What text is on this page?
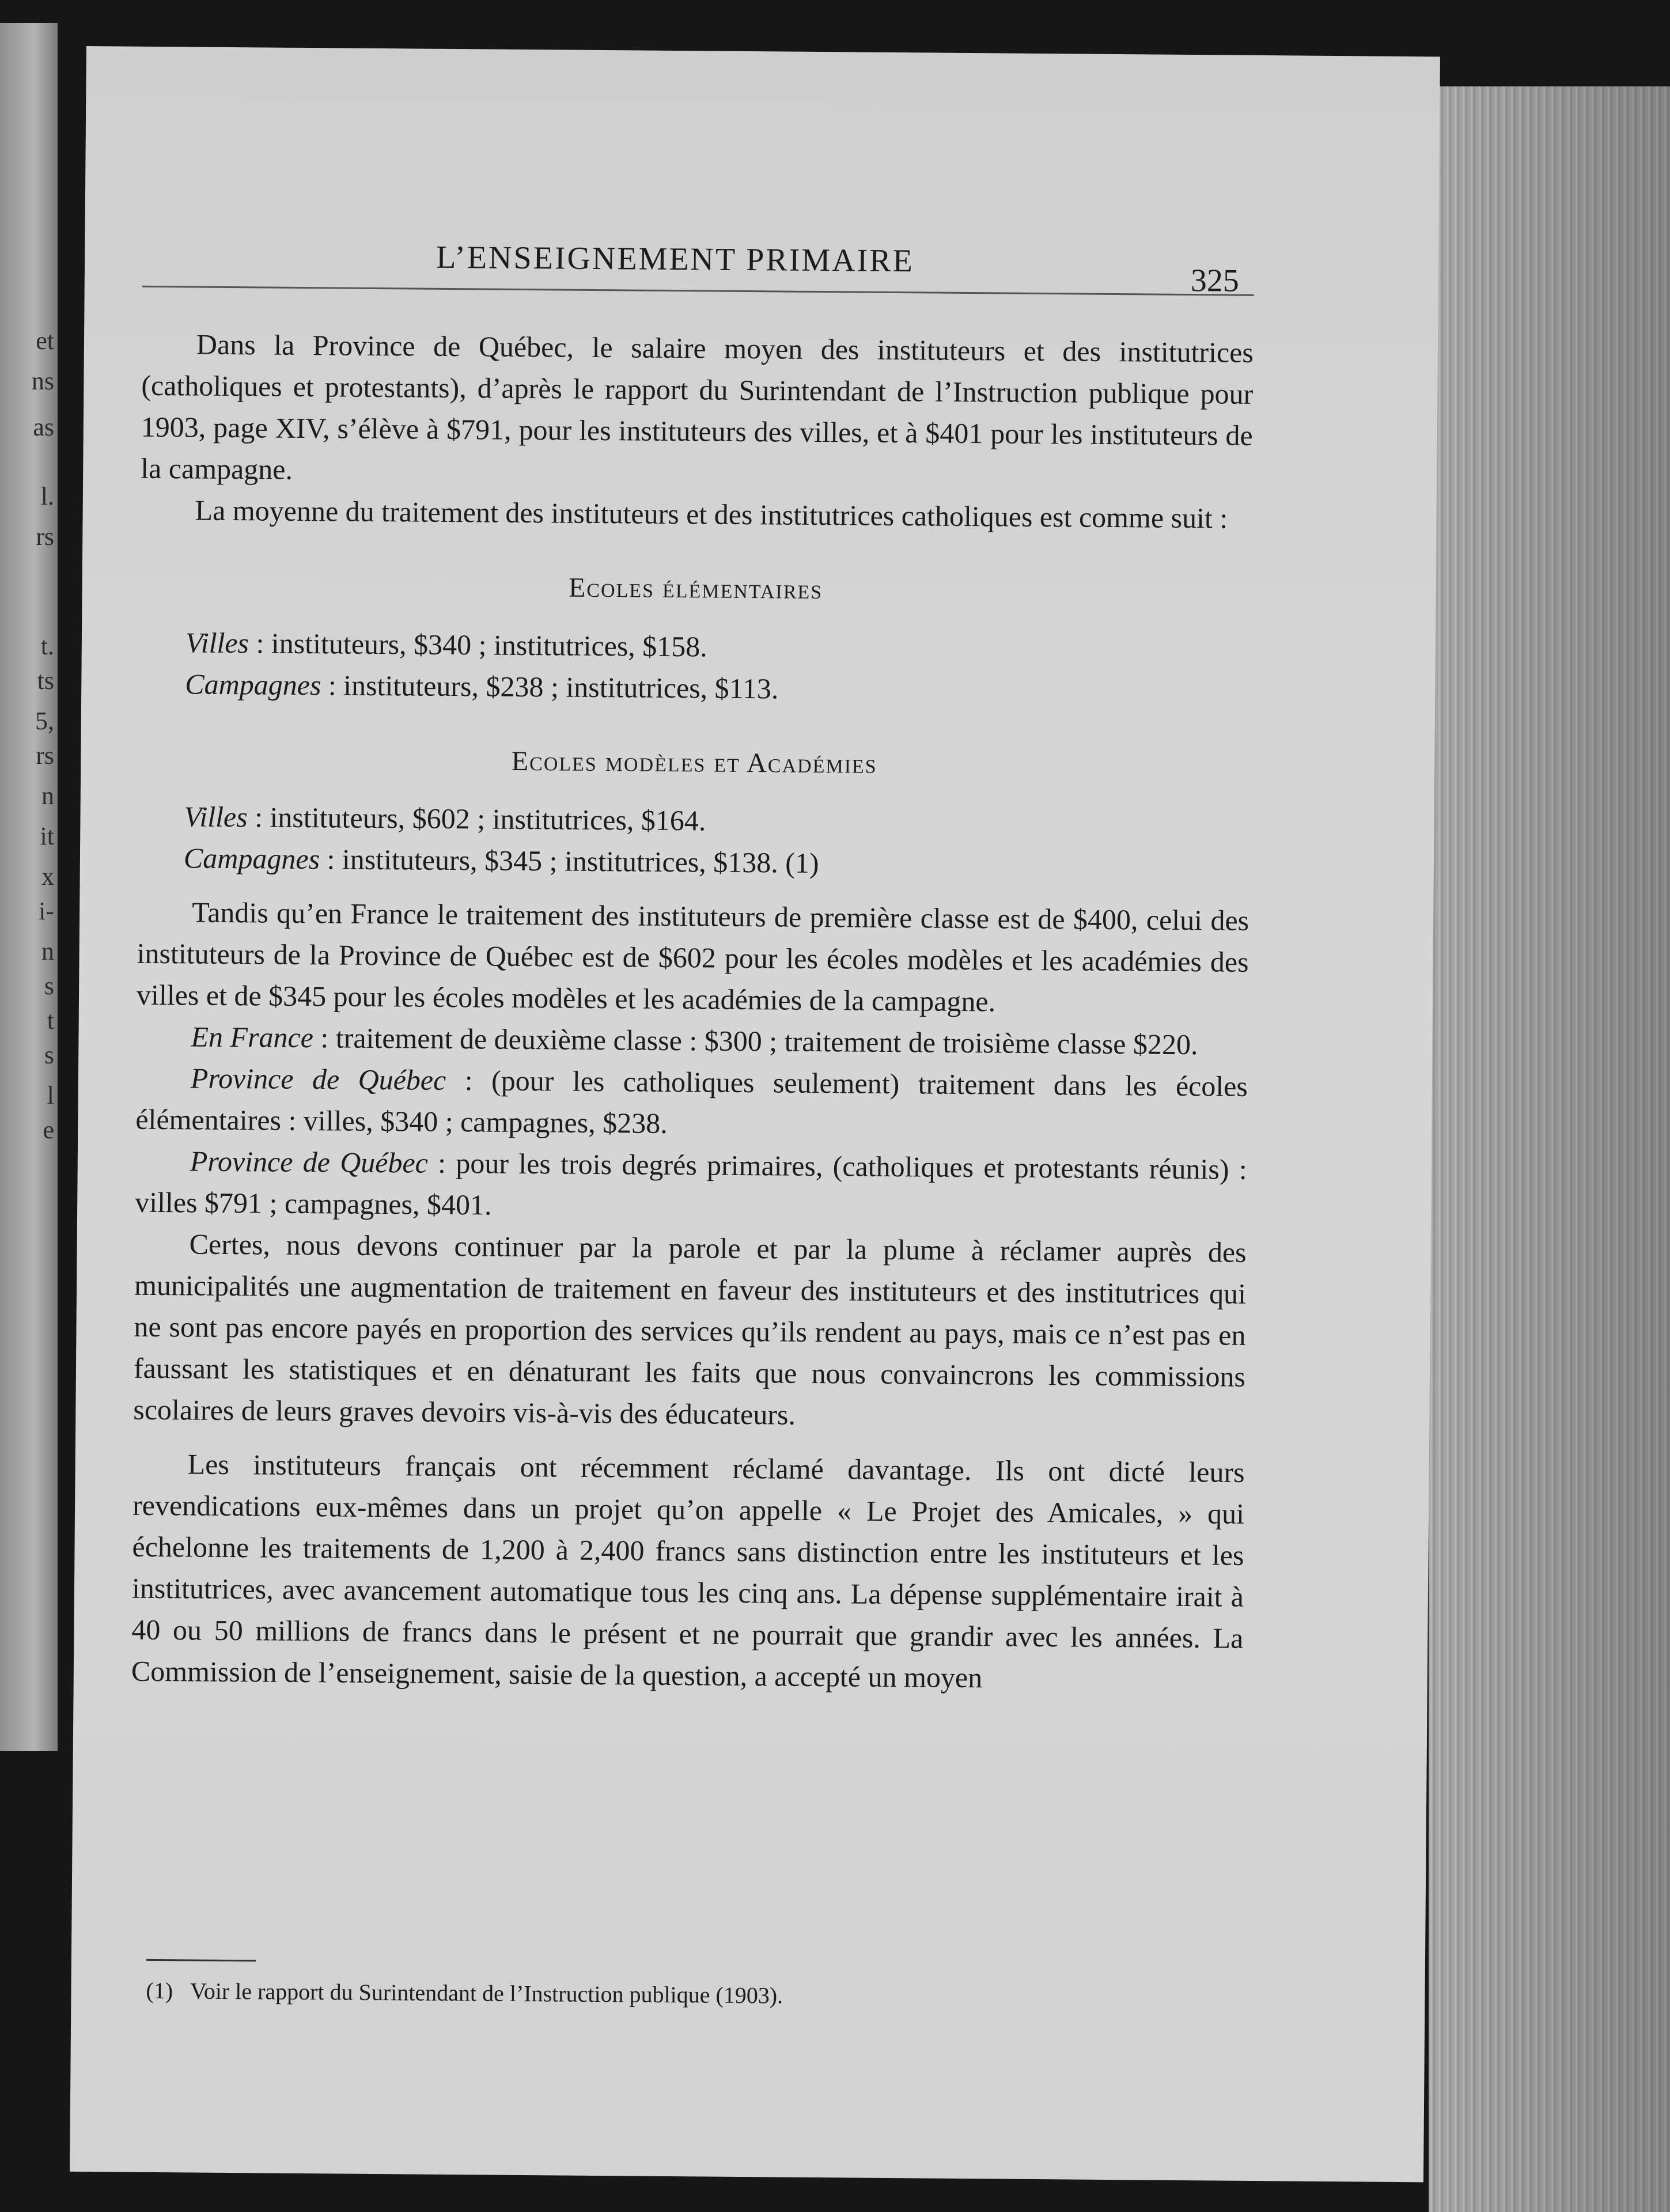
et
ns
as
l.
rs
t.
ts
5,
rs
n
it
x
i-
n
s
t
s
l
e
L’ENSEIGNEMENT PRIMAIRE
325

Dans la Province de Québec, le salaire moyen des instituteurs et des institutrices (catholiques et protestants), d’après le rapport du Surintendant de l’Instruction publique pour 1903, page XIV, s’élève à $791, pour les instituteurs des villes, et à $401 pour les instituteurs de la campagne.

La moyenne du traitement des instituteurs et des institutrices catholiques est comme suit :

Ecoles élémentaires
Villes : instituteurs, $340 ; institutrices, $158.
Campagnes : instituteurs, $238 ; institutrices, $113.
Ecoles modèles et Académies
Villes : instituteurs, $602 ; institutrices, $164.
Campagnes : instituteurs, $345 ; institutrices, $138. (1)

Tandis qu’en France le traitement des instituteurs de première classe est de $400, celui des instituteurs de la Province de Québec est de $602 pour les écoles modèles et les académies des villes et de $345 pour les écoles modèles et les académies de la campagne.

En France : traitement de deuxième classe : $300 ; traitement de troisième classe $220.

Province de Québec : (pour les catholiques seulement) traitement dans les écoles élémentaires : villes, $340 ; campagnes, $238.

Province de Québec : pour les trois degrés primaires, (catholiques et protestants réunis) : villes $791 ; campagnes, $401.

Certes, nous devons continuer par la parole et par la plume à réclamer auprès des municipalités une augmentation de traitement en faveur des instituteurs et des institutrices qui ne sont pas encore payés en proportion des services qu’ils rendent au pays, mais ce n’est pas en faussant les statistiques et en dénaturant les faits que nous convaincrons les commissions scolaires de leurs graves devoirs vis-à-vis des éducateurs.

Les instituteurs français ont récemment réclamé davantage. Ils ont dicté leurs revendications eux-mêmes dans un projet qu’on appelle « Le Projet des Amicales, » qui échelonne les traitements de 1,200 à 2,400 francs sans distinction entre les instituteurs et les institutrices, avec avancement automatique tous les cinq ans. La dépense supplémentaire irait à 40 ou 50 millions de francs dans le présent et ne pourrait que grandir avec les années. La Commission de l’enseignement, saisie de la question, a accepté un moyen

(1) Voir le rapport du Surintendant de l’Instruction publique (1903).
